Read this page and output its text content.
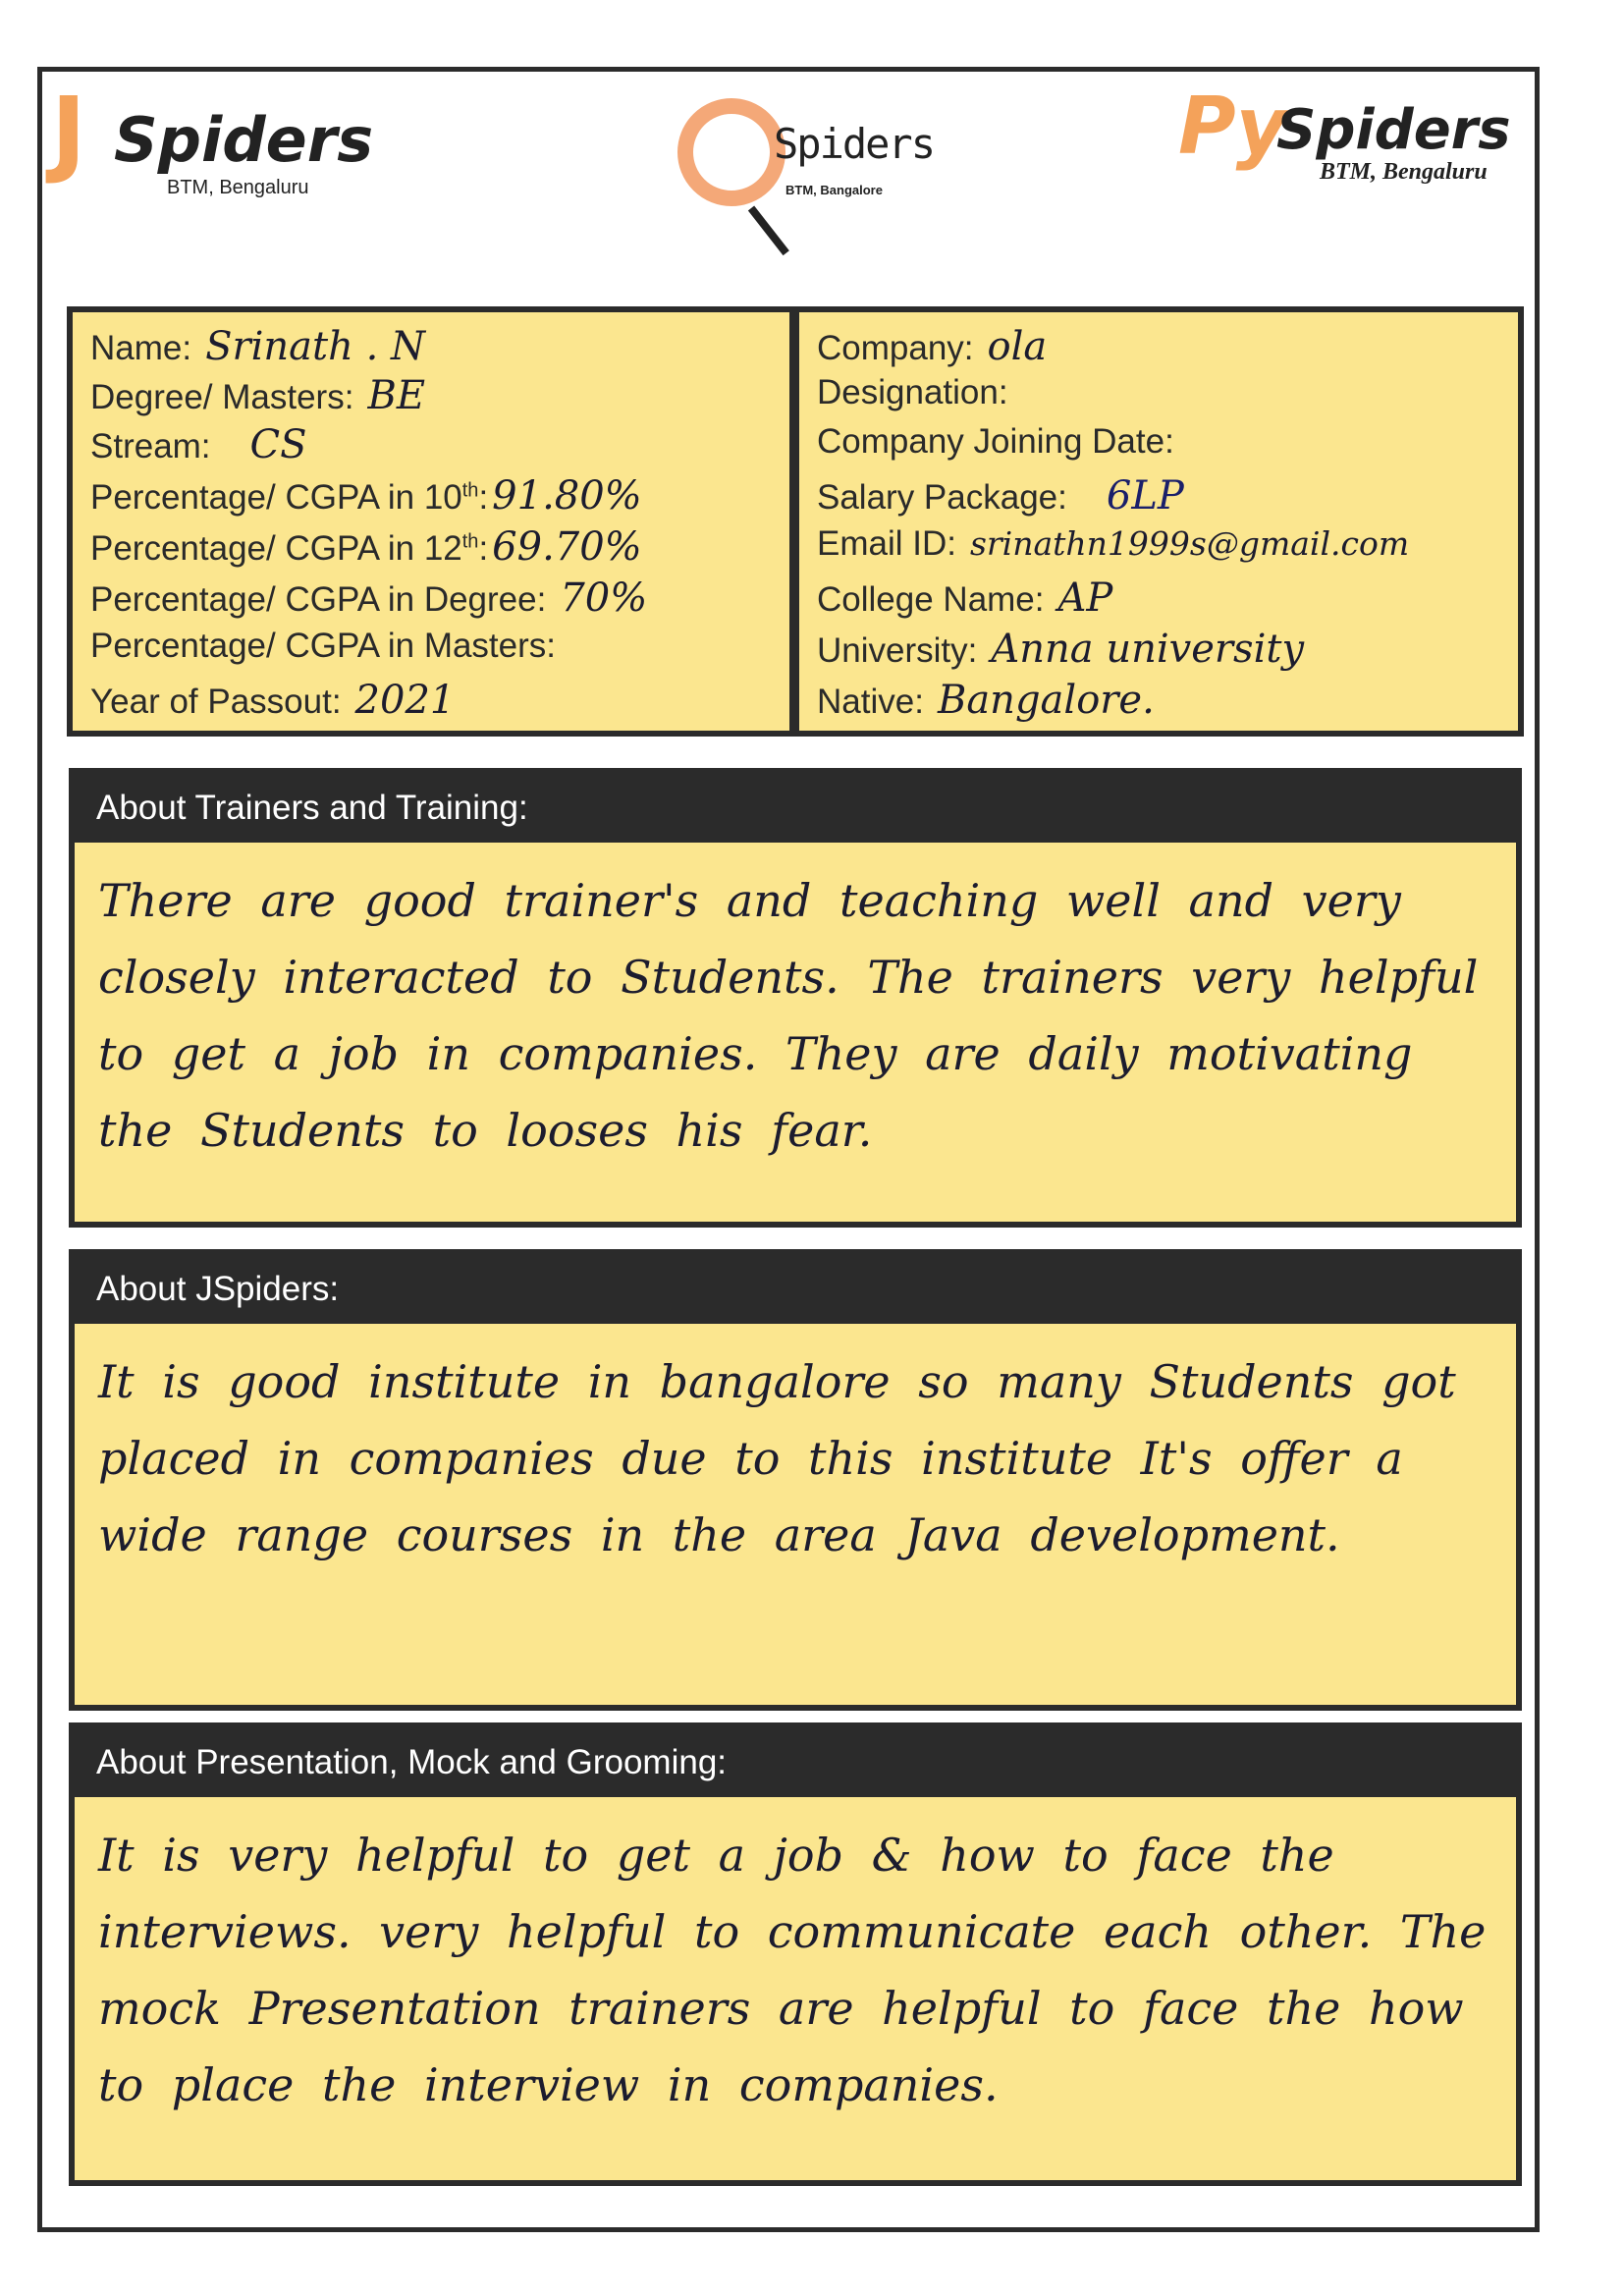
J Spiders
BTM, Bengaluru
Spiders
BTM, Bangalore
Py
Spiders
BTM, Bengaluru
Name: Srinath . N
Degree/ Masters: BE
Stream: CS
Percentage/ CGPA in 10th: 91.80%
Percentage/ CGPA in 12th: 69.70%
Percentage/ CGPA in Degree: 70%
Percentage/ CGPA in Masters:
Year of Passout: 2021
Company: ola
Designation:
Company Joining Date:
Salary Package: 6LP
Email ID: srinathn1999s@gmail.com
College Name: AP
University: Anna university
Native: Bangalore.
About Trainers and Training:
There are good trainer's and teaching well and very closely interacted to Students. The trainers very helpful to get a job in companies. They are daily motivating the Students to looses his fear.
About JSpiders:
It is good institute in bangalore so many Students got placed in companies due to this institute It's offer a wide range courses in the area Java development.
About Presentation, Mock and Grooming:
It is very helpful to get a job & how to face the interviews. very helpful to communicate each other. The mock Presentation trainers are helpful to face the how to place the interview in companies.
